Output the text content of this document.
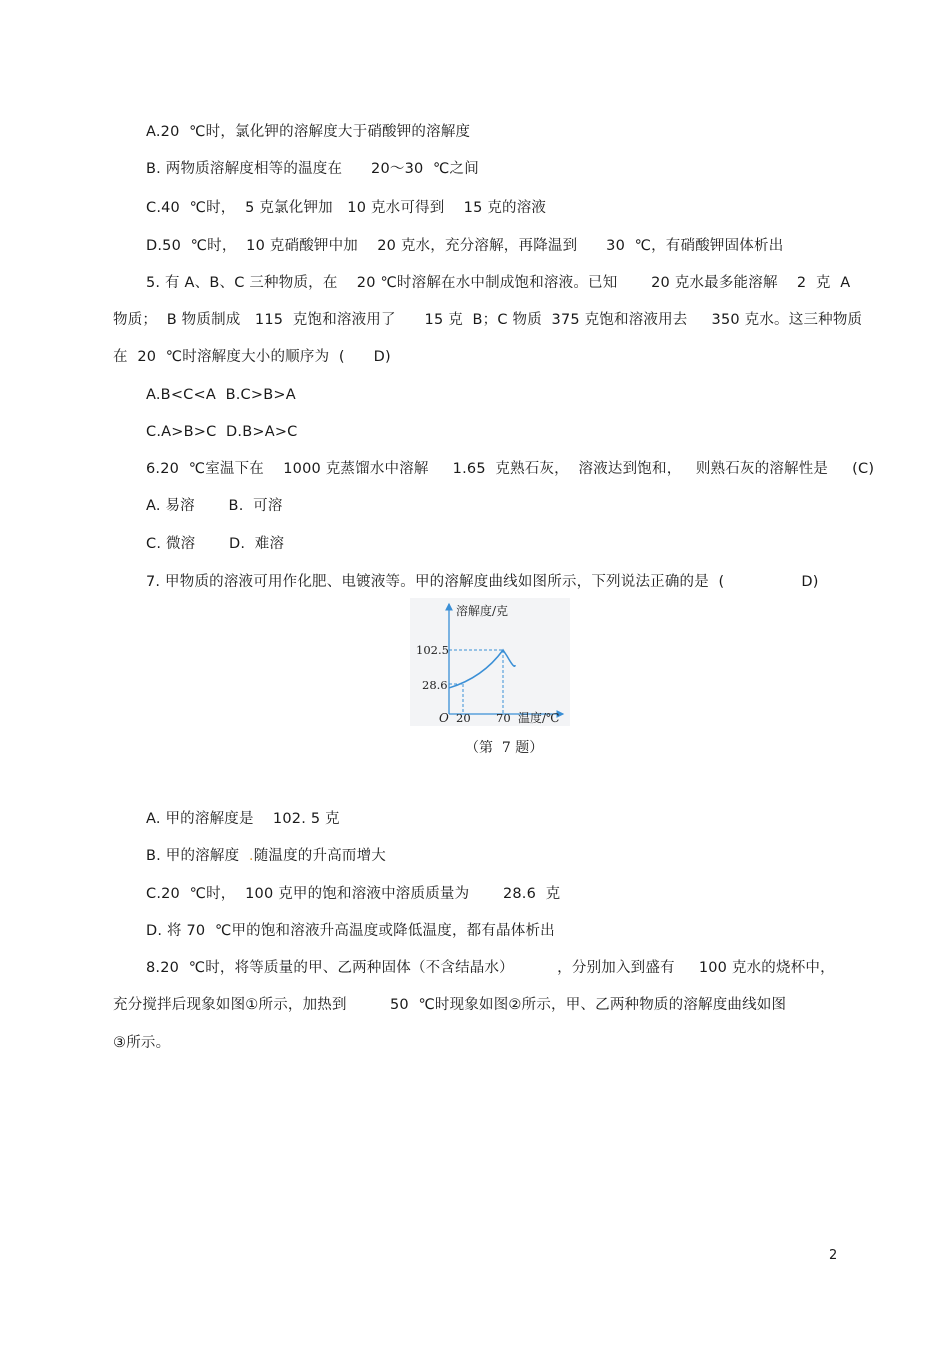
A.20  ℃时，氯化钾的溶解度大于硝酸钾的溶解度
B. 两物质溶解度相等的温度在      20～30  ℃之间
C.40  ℃时，  5 克氯化钾加   10 克水可得到    15 克的溶液
D.50  ℃时，  10 克硝酸钾中加    20 克水，充分溶解，再降温到      30  ℃，有硝酸钾固体析出
5. 有 A、B、C 三种物质，在    20 ℃时溶解在水中制成饱和溶液。已知       20 克水最多能溶解    2  克  A
物质；  B 物质制成   115  克饱和溶液用了      15 克  B；C 物质  375 克饱和溶液用去     350 克水。这三种物质
在  20  ℃时溶解度大小的顺序为  (      D)
A.B<C<A  B.C>B>A
C.A>B>C  D.B>A>C
6.20  ℃室温下在    1000 克蒸馏水中溶解     1.65  克熟石灰，  溶液达到饱和，   则熟石灰的溶解性是     (C)
A. 易溶       B.  可溶
C. 微溶       D.  难溶
7. 甲物质的溶液可用作化肥、电镀液等。甲的溶解度曲线如图所示，下列说法正确的是  (                D)
溶解度/克
温度/℃
102.5
28.6
O 20 70
（第  7 题）
A. 甲的溶解度是    102. 5 克
B. 甲的溶解度  .随温度的升高而增大
C.20  ℃时，  100 克甲的饱和溶液中溶质质量为       28.6  克
D. 将 70  ℃甲的饱和溶液升高温度或降低温度，都有晶体析出
8.20  ℃时，将等质量的甲、乙两种固体（不含结晶水）         ，分别加入到盛有     100 克水的烧杯中，
充分搅拌后现象如图①所示，加热到         50  ℃时现象如图②所示，甲、乙两种物质的溶解度曲线如图
③所示。
2
